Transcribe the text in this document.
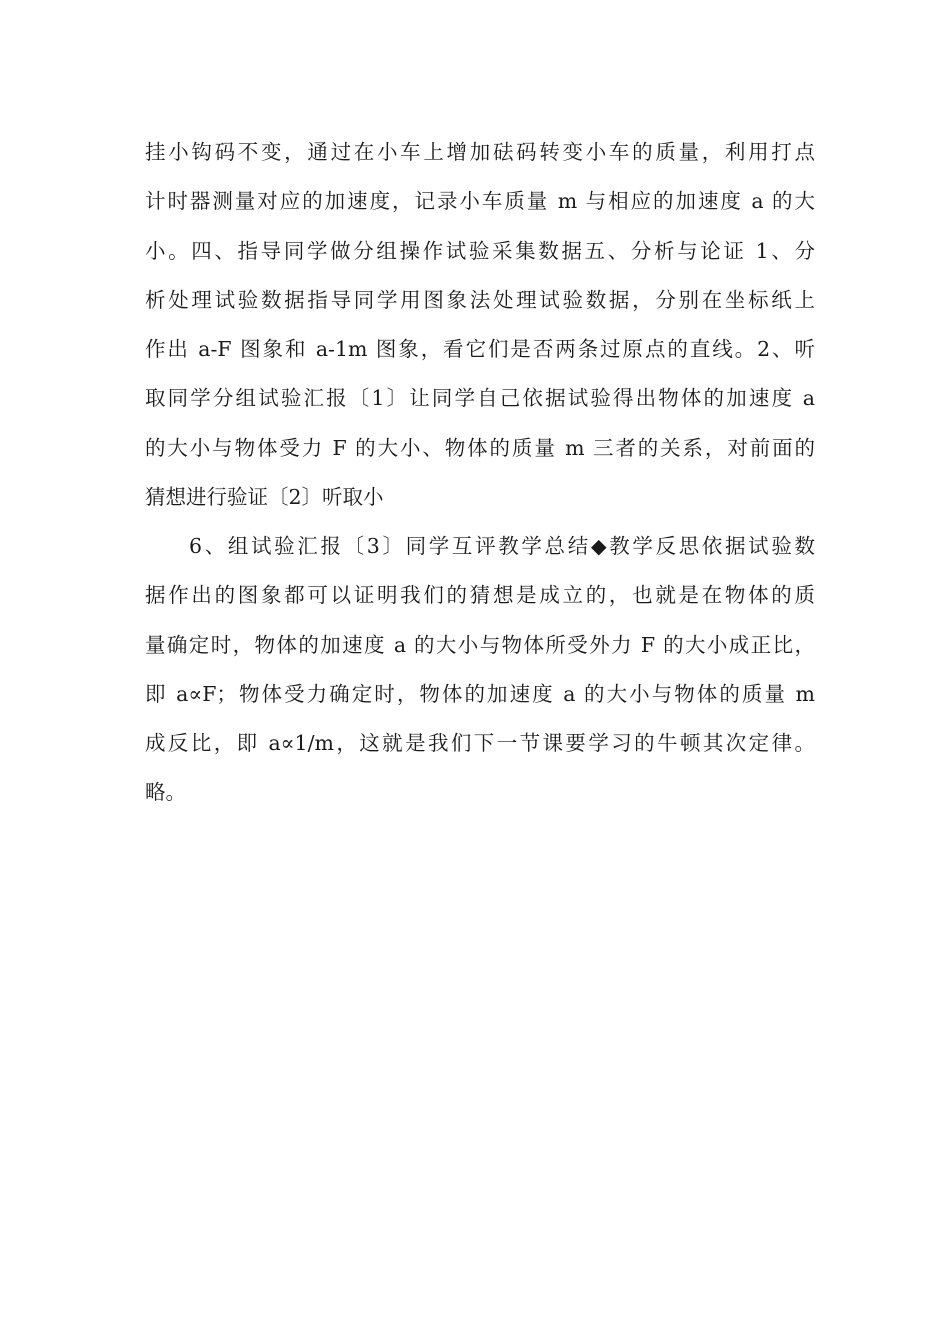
挂小钩码不变，通过在小车上增加砝码转变小车的质量，利用打点
计时器测量对应的加速度，记录小车质量 m 与相应的加速度 a 的大
小。四、指导同学做分组操作试验采集数据五、分析与论证 1、分
析处理试验数据指导同学用图象法处理试验数据，分别在坐标纸上
作出 a-F 图象和 a-1m 图象，看它们是否两条过原点的直线。2、听
取同学分组试验汇报〔1〕让同学自己依据试验得出物体的加速度 a
的大小与物体受力 F 的大小、物体的质量 m 三者的关系，对前面的
猜想进行验证〔2〕听取小
6、组试验汇报〔3〕同学互评教学总结◆教学反思依据试验数
据作出的图象都可以证明我们的猜想是成立的，也就是在物体的质
量确定时，物体的加速度 a 的大小与物体所受外力 F 的大小成正比，
即 a∝F；物体受力确定时，物体的加速度 a 的大小与物体的质量 m
成反比，即 a∝1/m，这就是我们下一节课要学习的牛顿其次定律。
略。
